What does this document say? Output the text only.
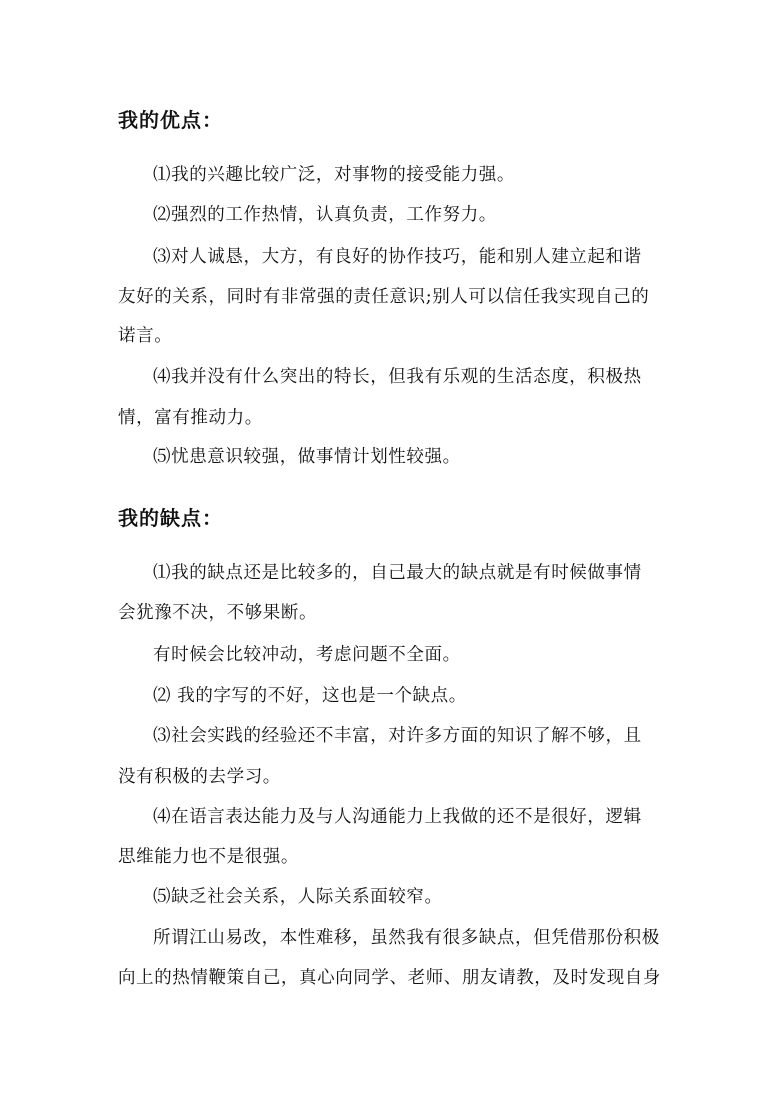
我的优点：
⑴我的兴趣比较广泛，对事物的接受能力强。
⑵强烈的工作热情，认真负责，工作努力。
⑶对人诚恳，大方，有良好的协作技巧，能和别人建立起和谐
友好的关系，同时有非常强的责任意识;别人可以信任我实现自己的
诺言。
⑷我并没有什么突出的特长，但我有乐观的生活态度，积极热
情，富有推动力。
⑸忧患意识较强，做事情计划性较强。
我的缺点：
⑴我的缺点还是比较多的，自己最大的缺点就是有时候做事情
会犹豫不决，不够果断。
有时候会比较冲动，考虑问题不全面。
⑵ 我的字写的不好，这也是一个缺点。
⑶社会实践的经验还不丰富，对许多方面的知识了解不够，且
没有积极的去学习。
⑷在语言表达能力及与人沟通能力上我做的还不是很好，逻辑
思维能力也不是很强。
⑸缺乏社会关系，人际关系面较窄。
所谓江山易改，本性难移，虽然我有很多缺点，但凭借那份积极
向上的热情鞭策自己，真心向同学、老师、朋友请教，及时发现自身
